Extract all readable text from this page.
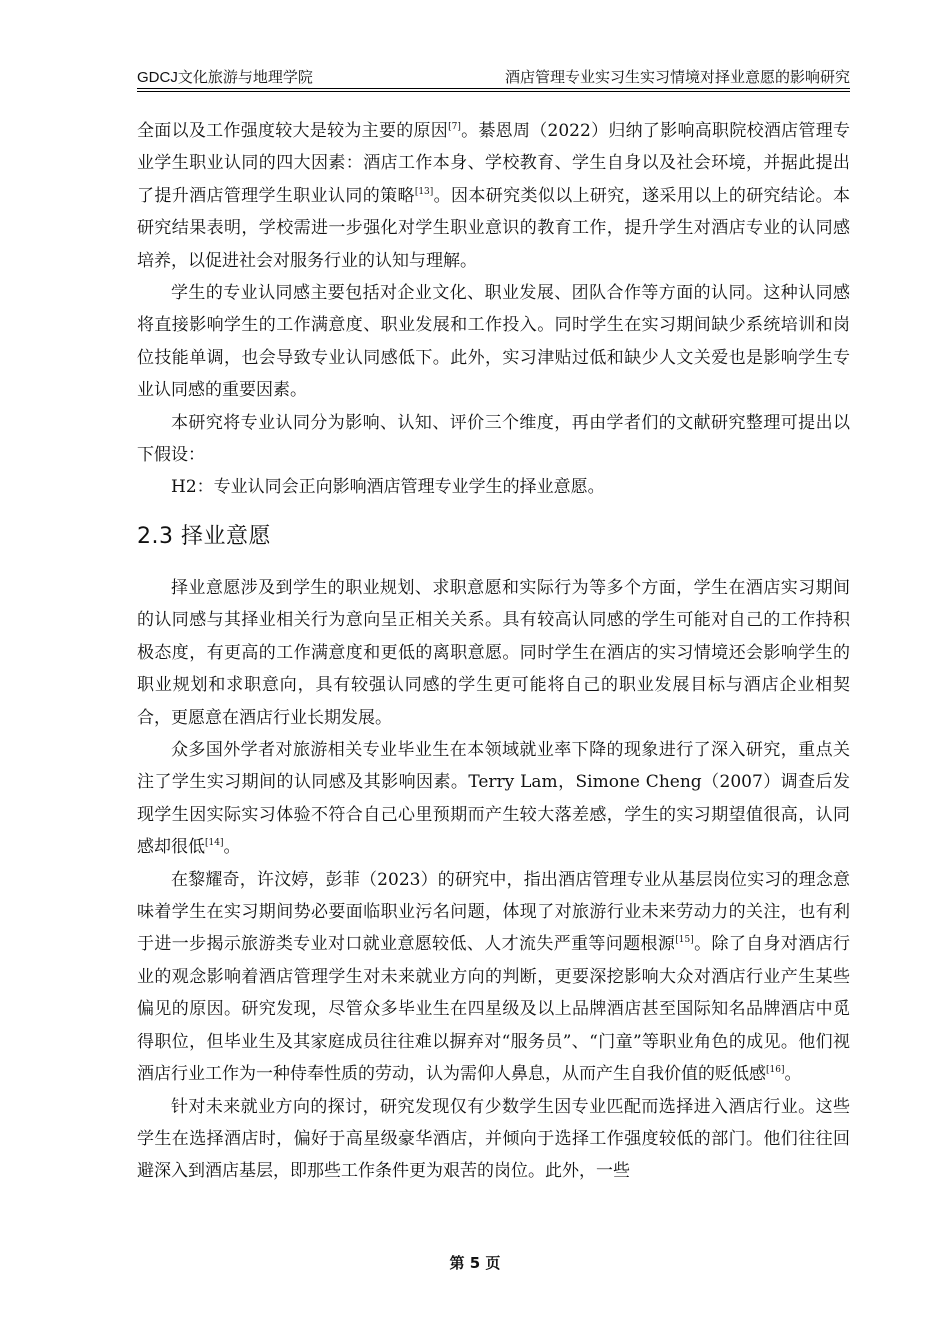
GDCJ文化旅游与地理学院	酒店管理专业实习生实习情境对择业意愿的影响研究

全面以及工作强度较大是较为主要的原因[7]。綦恩周（2022）归纳了影响高职院校酒店管理专业学生职业认同的四大因素：酒店工作本身、学校教育、学生自身以及社会环境，并据此提出了提升酒店管理学生职业认同的策略[13]。因本研究类似以上研究，遂采用以上的研究结论。本研究结果表明，学校需进一步强化对学生职业意识的教育工作，提升学生对酒店专业的认同感培养，以促进社会对服务行业的认知与理解。

学生的专业认同感主要包括对企业文化、职业发展、团队合作等方面的认同。这种认同感将直接影响学生的工作满意度、职业发展和工作投入。同时学生在实习期间缺少系统培训和岗位技能单调，也会导致专业认同感低下。此外，实习津贴过低和缺少人文关爱也是影响学生专业认同感的重要因素。

本研究将专业认同分为影响、认知、评价三个维度，再由学者们的文献研究整理可提出以下假设：

H2：专业认同会正向影响酒店管理专业学生的择业意愿。

2.3 择业意愿

择业意愿涉及到学生的职业规划、求职意愿和实际行为等多个方面，学生在酒店实习期间的认同感与其择业相关行为意向呈正相关关系。具有较高认同感的学生可能对自己的工作持积极态度，有更高的工作满意度和更低的离职意愿。同时学生在酒店的实习情境还会影响学生的职业规划和求职意向，具有较强认同感的学生更可能将自己的职业发展目标与酒店企业相契合，更愿意在酒店行业长期发展。

众多国外学者对旅游相关专业毕业生在本领域就业率下降的现象进行了深入研究，重点关注了学生实习期间的认同感及其影响因素。Terry Lam，Simone Cheng（2007）调查后发现学生因实际实习体验不符合自己心里预期而产生较大落差感，学生的实习期望值很高，认同感却很低[14]。

在黎耀奇，许汶婷，彭菲（2023）的研究中，指出酒店管理专业从基层岗位实习的理念意味着学生在实习期间势必要面临职业污名问题，体现了对旅游行业未来劳动力的关注，也有利于进一步揭示旅游类专业对口就业意愿较低、人才流失严重等问题根源[15]。除了自身对酒店行业的观念影响着酒店管理学生对未来就业方向的判断，更要深挖影响大众对酒店行业产生某些偏见的原因。研究发现，尽管众多毕业生在四星级及以上品牌酒店甚至国际知名品牌酒店中觅得职位，但毕业生及其家庭成员往往难以摒弃对“服务员”、“门童”等职业角色的成见。他们视酒店行业工作为一种侍奉性质的劳动，认为需仰人鼻息，从而产生自我价值的贬低感[16]。

针对未来就业方向的探讨，研究发现仅有少数学生因专业匹配而选择进入酒店行业。这些学生在选择酒店时，偏好于高星级豪华酒店，并倾向于选择工作强度较低的部门。他们往往回避深入到酒店基层，即那些工作条件更为艰苦的岗位。此外，一些

第 5 页
